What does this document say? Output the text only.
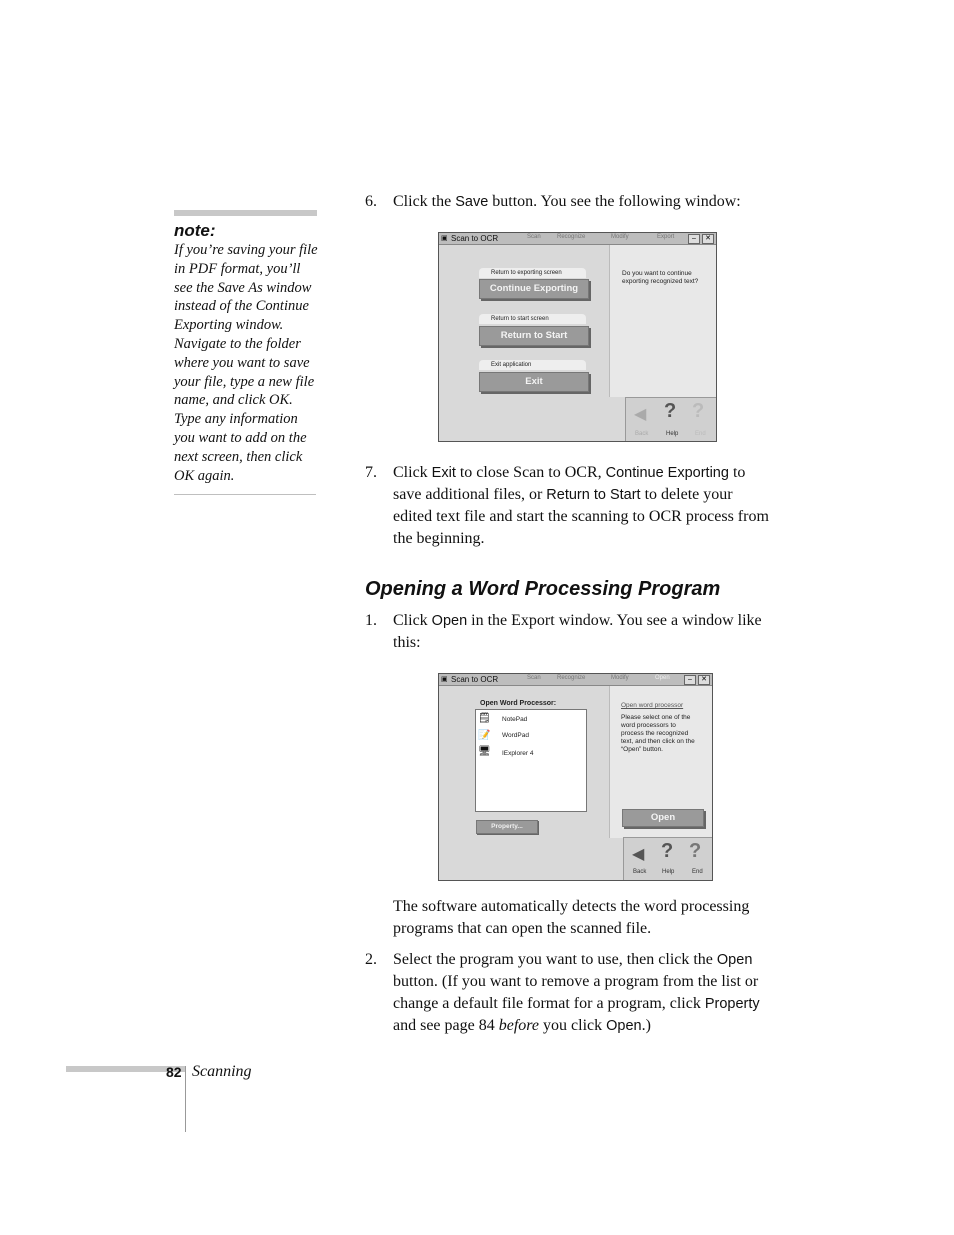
note:
If you’re saving your file
in PDF format, you’ll
see the Save As window
instead of the Continue
Exporting window.
Navigate to the folder
where you want to save
your file, type a new file
name, and click OK.
Type any information
you want to add on the
next screen, then click
OK again.
6. Click the Save button. You see the following window:
▣ Scan to OCR	Scan	Recognize	Modify	Export	–	✕
Do you want to continue exporting recognized text?
Return to exporting screen
Continue Exporting
Return to start screen
Return to Start
Exit application
Exit
◀ ? ?
Back	Help	End
7. Click Exit to close Scan to OCR, Continue Exporting to
save additional files, or Return to Start to delete your
edited text file and start the scanning to OCR process from
the beginning.
Opening a Word Processing Program
1. Click Open in the Export window. You see a window like
this:
▣ Scan to OCR	Scan	Recognize	Modify	Open	–	✕
Open Word Processor:
🗒 NotePad
📝 WordPad
🖥 IExplorer 4
Property...
Open word processor
Please select one of the
word processors to
process the recognized
text, and then click on the
“Open” button.
Open
◀ ? ?
Back	Help	End
The software automatically detects the word processing
programs that can open the scanned file.
2. Select the program you want to use, then click the Open
button. (If you want to remove a program from the list or
change a default file format for a program, click Property
and see page 84 before you click Open.)
82 Scanning
